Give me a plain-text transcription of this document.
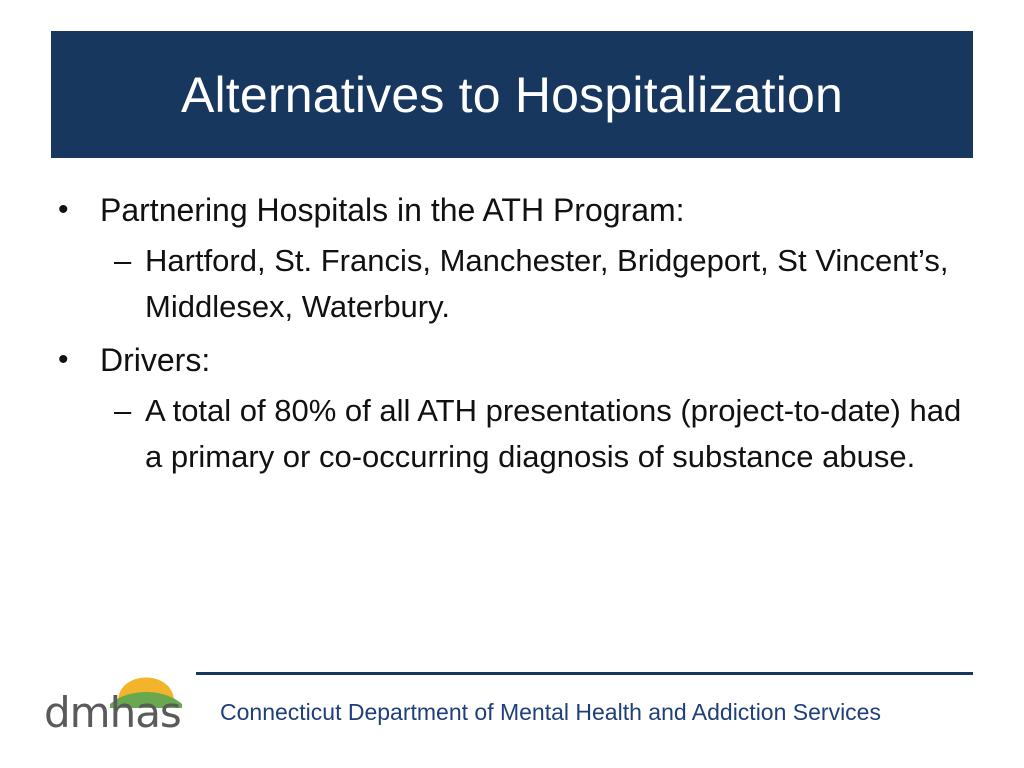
Alternatives to Hospitalization
• Partnering Hospitals in the ATH Program:
– Hartford, St. Francis, Manchester, Bridgeport, St Vincent’s, Middlesex, Waterbury.
• Drivers:
– A total of 80% of all ATH presentations (project-to-date) had a primary or co-occurring diagnosis of substance abuse.
dmhas Connecticut Department of Mental Health and Addiction Services
